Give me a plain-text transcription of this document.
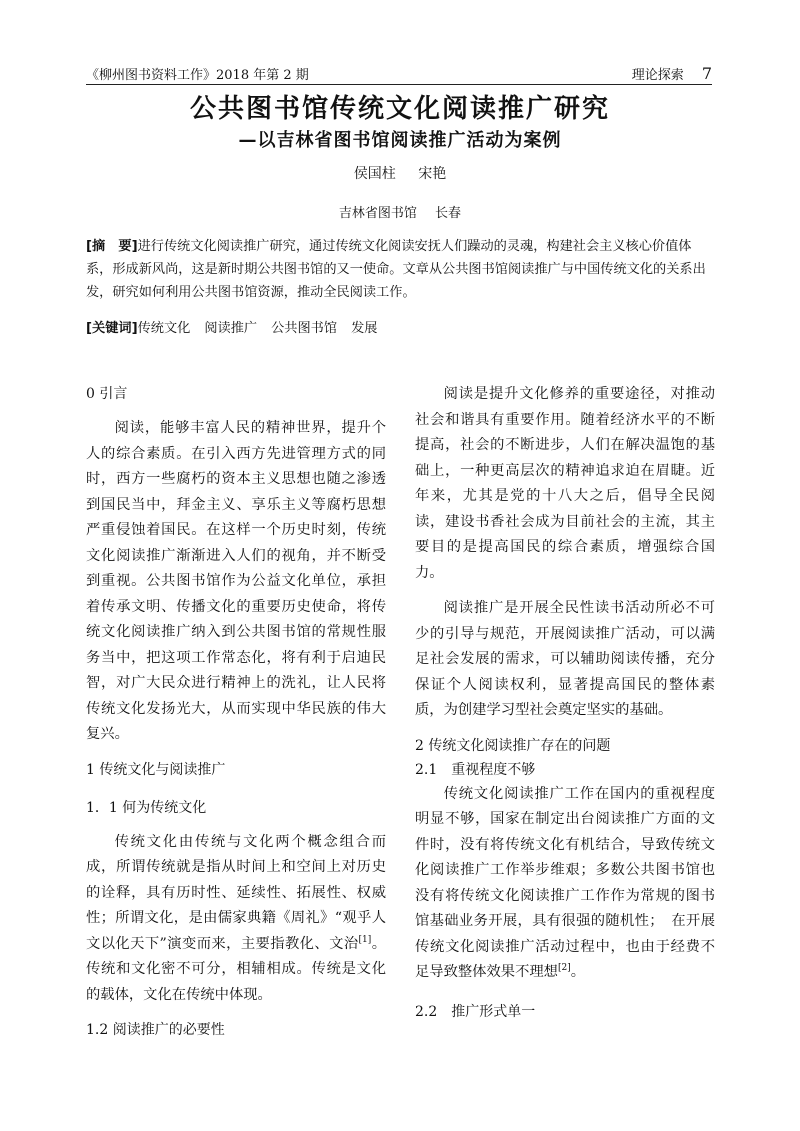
《柳州图书资料工作》2018 年第 2 期	理论探索 7
公共图书馆传统文化阅读推广研究
—以吉林省图书馆阅读推广活动为案例
侯国柱 宋艳
吉林省图书馆 长春
[摘　要]进行传统文化阅读推广研究，通过传统文化阅读安抚人们躁动的灵魂，构建社会主义核心价值体系，形成新风尚，这是新时期公共图书馆的又一使命。文章从公共图书馆阅读推广与中国传统文化的关系出发，研究如何利用公共图书馆资源，推动全民阅读工作。
[关键词]传统文化 阅读推广 公共图书馆 发展
0 引言

阅读，能够丰富人民的精神世界，提升个人的综合素质。在引入西方先进管理方式的同时，西方一些腐朽的资本主义思想也随之渗透到国民当中，拜金主义、享乐主义等腐朽思想严重侵蚀着国民。在这样一个历史时刻，传统文化阅读推广渐渐进入人们的视角，并不断受到重视。公共图书馆作为公益文化单位，承担着传承文明、传播文化的重要历史使命，将传统文化阅读推广纳入到公共图书馆的常规性服务当中，把这项工作常态化，将有利于启迪民智，对广大民众进行精神上的洗礼，让人民将传统文化发扬光大，从而实现中华民族的伟大复兴。

1 传统文化与阅读推广
1．1 何为传统文化

传统文化由传统与文化两个概念组合而成，所谓传统就是指从时间上和空间上对历史的诠释，具有历时性、延续性、拓展性、权威性；所谓文化，是由儒家典籍《周礼》“观乎人文以化天下”演变而来，主要指教化、文治[1]。传统和文化密不可分，相辅相成。传统是文化的载体，文化在传统中体现。

1.2 阅读推广的必要性

阅读是提升文化修养的重要途径，对推动社会和谐具有重要作用。随着经济水平的不断提高，社会的不断进步，人们在解决温饱的基础上，一种更高层次的精神追求迫在眉睫。近年来，尤其是党的十八大之后，倡导全民阅读，建设书香社会成为目前社会的主流，其主要目的是提高国民的综合素质，增强综合国力。

阅读推广是开展全民性读书活动所必不可少的引导与规范，开展阅读推广活动，可以满足社会发展的需求，可以辅助阅读传播，充分保证个人阅读权利，显著提高国民的整体素质，为创建学习型社会奠定坚实的基础。

2 传统文化阅读推广存在的问题
2.1　重视程度不够

传统文化阅读推广工作在国内的重视程度明显不够，国家在制定出台阅读推广方面的文件时，没有将传统文化有机结合，导致传统文化阅读推广工作举步维艰；多数公共图书馆也没有将传统文化阅读推广工作作为常规的图书馆基础业务开展，具有很强的随机性；　在开展传统文化阅读推广活动过程中，也由于经费不足导致整体效果不理想[2]。

2.2　推广形式单一
